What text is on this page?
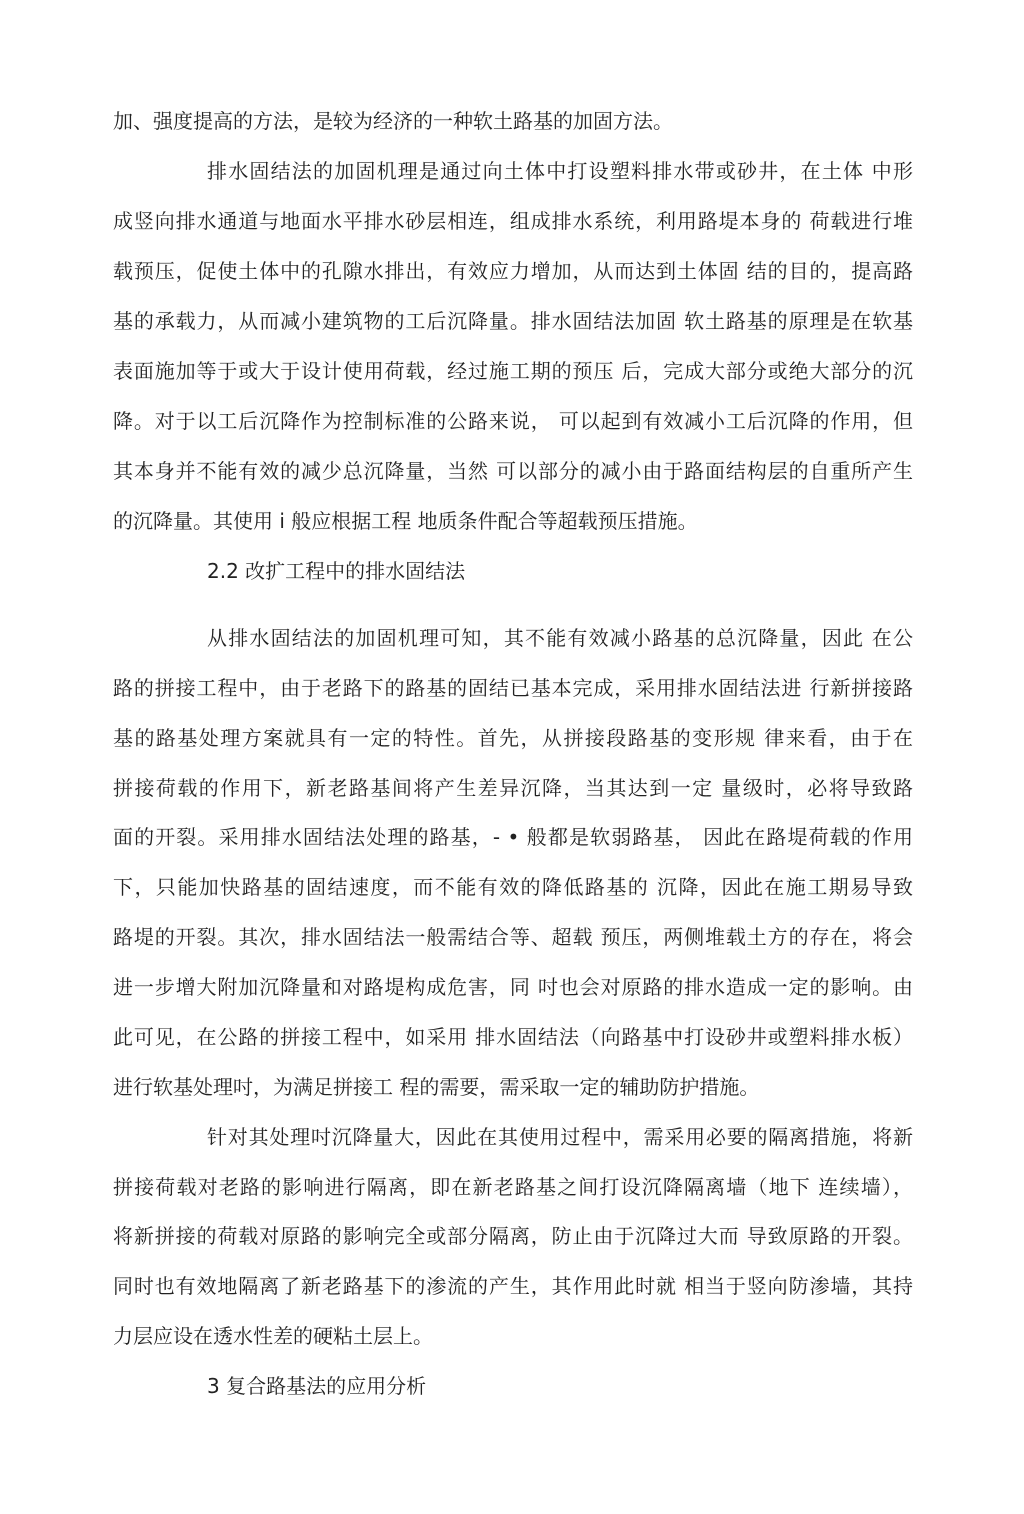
加、强度提高的方法，是较为经济的一种软土路基的加固方法。
排水固结法的加固机理是通过向土体中打设塑料排水带或砂井，在土体 中形
成竖向排水通道与地面水平排水砂层相连，组成排水系统，利用路堤本身的 荷载进行堆
载预压，促使土体中的孔隙水排出，有效应力增加，从而达到土体固 结的目的，提高路
基的承载力，从而减小建筑物的工后沉降量。排水固结法加固 软土路基的原理是在软基
表面施加等于或大于设计使用荷载，经过施工期的预压 后，完成大部分或绝大部分的沉
降。对于以工后沉降作为控制标准的公路来说， 可以起到有效减小工后沉降的作用，但
其本身并不能有效的减少总沉降量，当然 可以部分的减小由于路面结构层的自重所产生
的沉降量。其使用 i 般应根据工程 地质条件配合等超载预压措施。
2.2 改扩工程中的排水固结法
从排水固结法的加固机理可知，其不能有效减小路基的总沉降量，因此 在公
路的拼接工程中，由于老路下的路基的固结已基本完成，采用排水固结法进 行新拼接路
基的路基处理方案就具有一定的特性。首先，从拼接段路基的变形规 律来看，由于在
拼接荷载的作用下，新老路基间将产生差异沉降，当其达到一定 量级时，必将导致路
面的开裂。采用排水固结法处理的路基，- • 般都是软弱路基， 因此在路堤荷载的作用
下，只能加快路基的固结速度，而不能有效的降低路基的 沉降，因此在施工期易导致
路堤的开裂。其次，排水固结法一般需结合等、超载 预压，两侧堆载土方的存在，将会
进一步增大附加沉降量和对路堤构成危害，同 吋也会对原路的排水造成一定的影响。由
此可见，在公路的拼接工程中，如采用 排水固结法（向路基中打设砂井或塑料排水板）
进行软基处理吋，为满足拼接工 程的需要，需采取一定的辅助防护措施。
针对其处理吋沉降量大，因此在其使用过程中，需采用必要的隔离措施，将新
拼接荷载对老路的影响进行隔离，即在新老路基之间打设沉降隔离墙（地下 连续墙），
将新拼接的荷载对原路的影响完全或部分隔离，防止由于沉降过大而 导致原路的开裂。
同时也有效地隔离了新老路基下的渗流的产生，其作用此时就 相当于竖向防渗墙，其持
力层应设在透水性差的硬粘土层上。
3 复合路基法的应用分析
